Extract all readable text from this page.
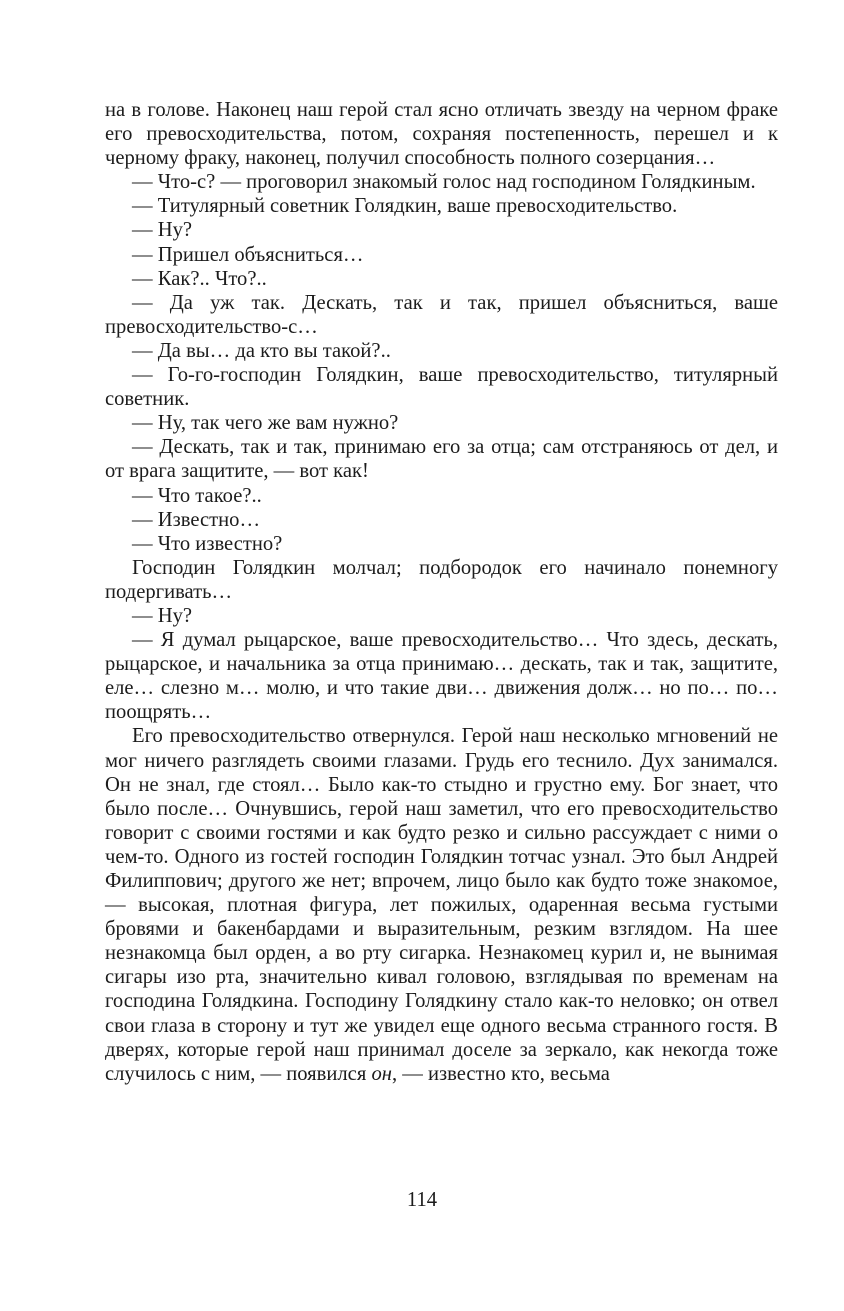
на в голове. Наконец наш герой стал ясно отличать звезду на черном фраке его превосходительства, потом, сохраняя постепенность, перешел и к черному фраку, наконец, получил способность полного созерцания…

— Что-с? — проговорил знакомый голос над господином Голядкиным.

— Титулярный советник Голядкин, ваше превосходительство.

— Ну?

— Пришел объясниться…

— Как?.. Что?..

— Да уж так. Дескать, так и так, пришел объясниться, ваше превосходительство-с…

— Да вы… да кто вы такой?..

— Го-го-господин Голядкин, ваше превосходительство, титулярный советник.

— Ну, так чего же вам нужно?

— Дескать, так и так, принимаю его за отца; сам отстраняюсь от дел, и от врага защитите, — вот как!

— Что такое?..

— Известно…

— Что известно?

Господин Голядкин молчал; подбородок его начинало понемногу подергивать…

— Ну?

— Я думал рыцарское, ваше превосходительство… Что здесь, дескать, рыцарское, и начальника за отца принимаю… дескать, так и так, защитите, еле… слезно м… молю, и что такие дви… движения долж… но по… по… поощрять…

Его превосходительство отвернулся. Герой наш несколько мгновений не мог ничего разглядеть своими глазами. Грудь его теснило. Дух занимался. Он не знал, где стоял… Было как-то стыдно и грустно ему. Бог знает, что было после… Очнувшись, герой наш заметил, что его превосходительство говорит с своими гостями и как будто резко и сильно рассуждает с ними о чем-то. Одного из гостей господин Голядкин тотчас узнал. Это был Андрей Филиппович; другого же нет; впрочем, лицо было как будто тоже знакомое, — высокая, плотная фигура, лет пожилых, одаренная весьма густыми бровями и бакенбардами и выразительным, резким взглядом. На шее незнакомца был орден, а во рту сигарка. Незнакомец курил и, не вынимая сигары изо рта, значительно кивал головою, взглядывая по временам на господина Голядкина. Господину Голядкину стало как-то неловко; он отвел свои глаза в сторону и тут же увидел еще одного весьма странного гостя. В дверях, которые герой наш принимал доселе за зеркало, как некогда тоже случилось с ним, — появился он, — известно кто, весьма

114
